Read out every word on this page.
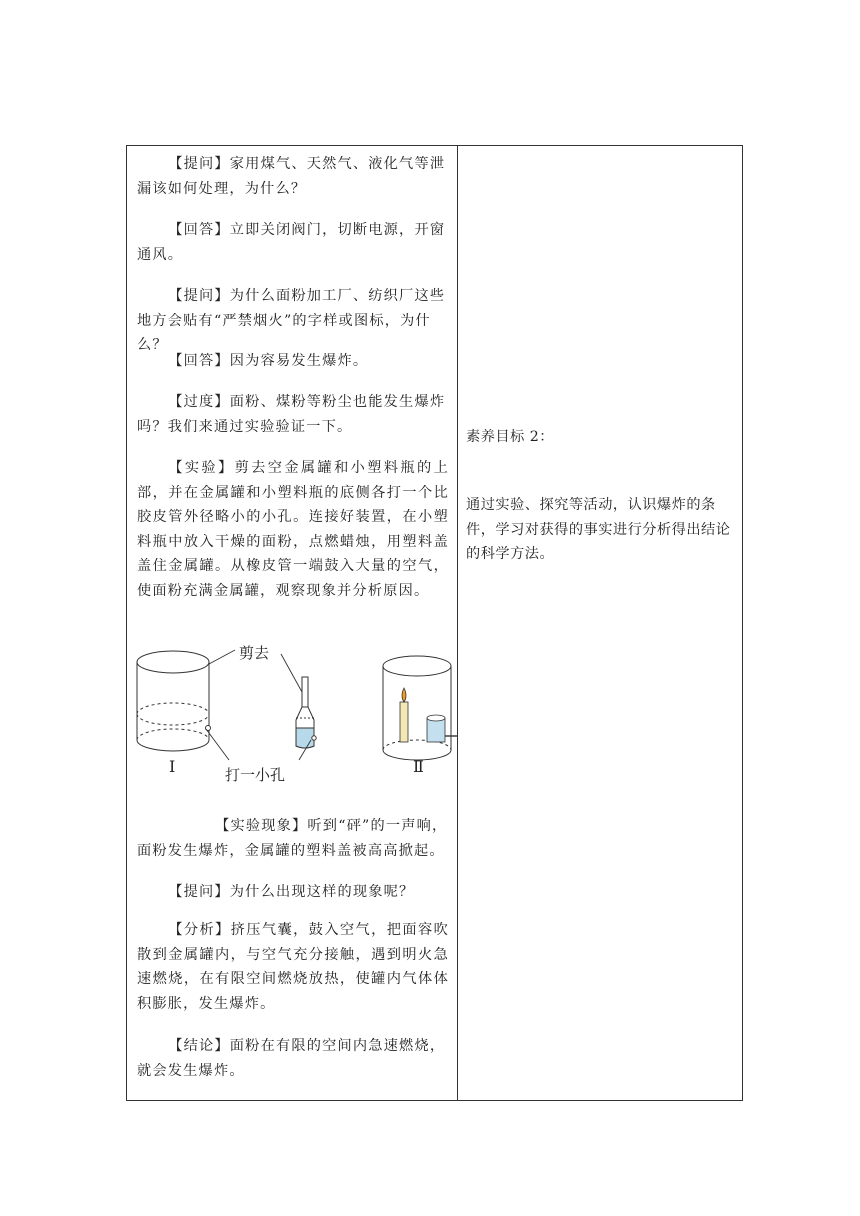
【提问】家用煤气、天然气、液化气等泄漏该如何处理，为什么？

【回答】立即关闭阀门，切断电源，开窗通风。

【提问】为什么面粉加工厂、纺织厂这些地方会贴有“严禁烟火”的字样或图标，为什么？

【回答】因为容易发生爆炸。

【过度】面粉、煤粉等粉尘也能发生爆炸吗？我们来通过实验验证一下。

【实验】剪去空金属罐和小塑料瓶的上部，并在金属罐和小塑料瓶的底侧各打一个比胶皮管外径略小的小孔。连接好装置，在小塑料瓶中放入干燥的面粉，点燃蜡烛，用塑料盖盖住金属罐。从橡皮管一端鼓入大量的空气，使面粉充满金属罐，观察现象并分析原因。

剪去
打一小孔
I	Ⅱ

【实验现象】听到“砰”的一声响，面粉发生爆炸，金属罐的塑料盖被高高掀起。

【提问】为什么出现这样的现象呢？

【分析】挤压气囊，鼓入空气，把面容吹散到金属罐内，与空气充分接触，遇到明火急速燃烧，在有限空间燃烧放热，使罐内气体体积膨胀，发生爆炸。

【结论】面粉在有限的空间内急速燃烧，就会发生爆炸。

素养目标 2：

通过实验、探究等活动，认识爆炸的条件，学习对获得的事实进行分析得出结论的科学方法。
